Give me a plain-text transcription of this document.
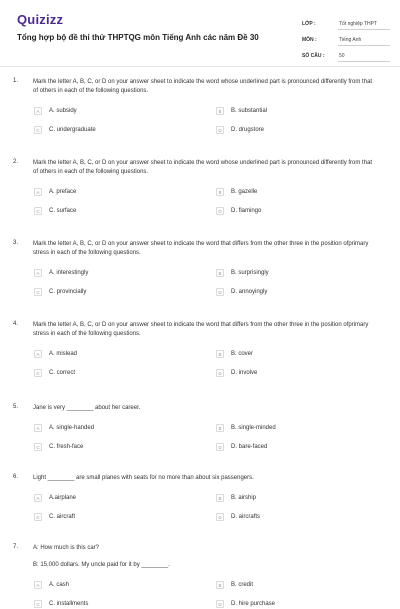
Quizizz
Tổng hợp bộ đề thi thử THPTQG môn Tiếng Anh các năm Đề 30
LỚP :	Tốt nghiệp THPT
MÔN :	Tiếng Anh
SỐ CÂU :	50
1. Mark the letter A, B, C, or D on your answer sheet to indicate the word whose underlined part is pronounced differently from that of others in each of the following questions.

A	A. subsidy	B	B. substantial
C	C. undergraduate	D	D. drugstore
2. Mark the letter A, B, C, or D on your answer sheet to indicate the word whose underlined part is pronounced differently from that of others in each of the following questions.

A	A. preface	B	B. gazelle
C	C. surface	D	D. flamingo
3. Mark the letter A, B, C, or D on your answer sheet to indicate the word that differs from the other three in the position ofprimary stress in each of the following questions.

A	A. interestingly	B	B. surprisingly
C	C. provincially	D	D. annoyingly
4. Mark the letter A, B, C, or D on your answer sheet to indicate the word that differs from the other three in the position ofprimary stress in each of the following questions.

A	A. mislead	B	B. cover
C	C. correct	D	D. involve
5. Jane is very ________ about her career.

A	A. single-handed	B	B. single-minded
C	C. fresh-face	D	D. bare-faced
6. Light ________ are small planes with seats for no more than about six passengers.

A	A.airplane	B	B. airship
C	C. aircraft	D	D. aircrafts
7. A: How much is this car?

B: 15,000 dollars. My uncle paid for it by ________.

A	A. cash	B	B. credit
C	C. installments	D	D. hire purchase
